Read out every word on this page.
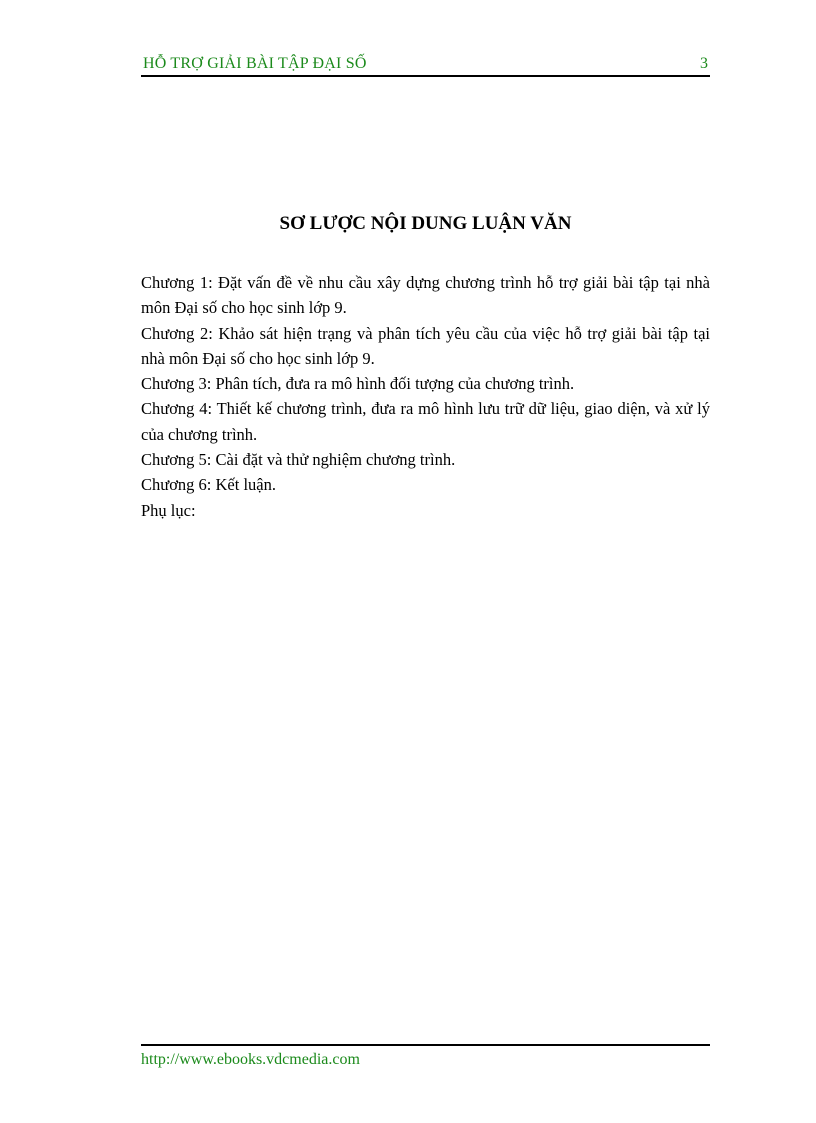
HỖ TRỢ GIẢI BÀI TẬP ĐẠI SỐ	3
SƠ LƯỢC NỘI DUNG LUẬN VĂN

Chương 1: Đặt vấn đề về nhu cầu xây dựng chương trình hỗ trợ giải bài tập tại nhà môn Đại số cho học sinh lớp 9.

Chương 2: Khảo sát hiện trạng và phân tích yêu cầu của việc hỗ trợ giải bài tập tại nhà môn Đại số cho học sinh lớp 9.

Chương 3: Phân tích, đưa ra mô hình đối tượng của chương trình.

Chương 4: Thiết kế chương trình, đưa ra mô hình lưu trữ dữ liệu, giao diện, và xử lý của chương trình.

Chương 5: Cài đặt và thử nghiệm chương trình.

Chương 6: Kết luận.

Phụ lục:

http://www.ebooks.vdcmedia.com
